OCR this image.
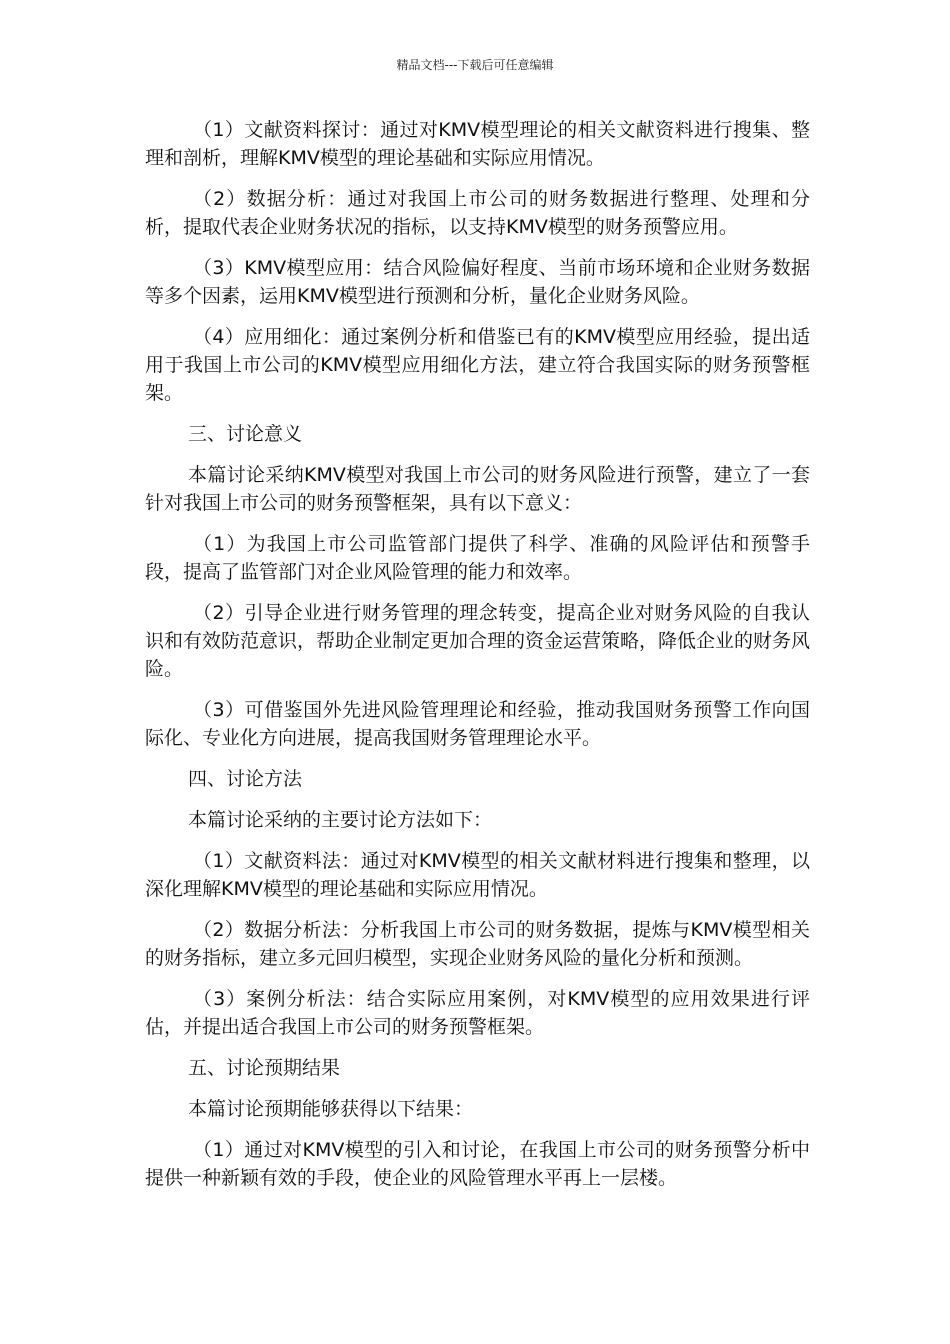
精品文档---下载后可任意编辑

（1）文献资料探讨：通过对KMV模型理论的相关文献资料进行搜集、整理和剖析，理解KMV模型的理论基础和实际应用情况。

（2）数据分析：通过对我国上市公司的财务数据进行整理、处理和分析，提取代表企业财务状况的指标，以支持KMV模型的财务预警应用。

（3）KMV模型应用：结合风险偏好程度、当前市场环境和企业财务数据等多个因素，运用KMV模型进行预测和分析，量化企业财务风险。

（4）应用细化：通过案例分析和借鉴已有的KMV模型应用经验，提出适用于我国上市公司的KMV模型应用细化方法，建立符合我国实际的财务预警框架。

三、讨论意义

本篇讨论采纳KMV模型对我国上市公司的财务风险进行预警，建立了一套针对我国上市公司的财务预警框架，具有以下意义：

（1）为我国上市公司监管部门提供了科学、准确的风险评估和预警手段，提高了监管部门对企业风险管理的能力和效率。

（2）引导企业进行财务管理的理念转变，提高企业对财务风险的自我认识和有效防范意识，帮助企业制定更加合理的资金运营策略，降低企业的财务风险。

（3）可借鉴国外先进风险管理理论和经验，推动我国财务预警工作向国际化、专业化方向进展，提高我国财务管理理论水平。

四、讨论方法

本篇讨论采纳的主要讨论方法如下：

（1）文献资料法：通过对KMV模型的相关文献材料进行搜集和整理，以深化理解KMV模型的理论基础和实际应用情况。

（2）数据分析法：分析我国上市公司的财务数据，提炼与KMV模型相关的财务指标，建立多元回归模型，实现企业财务风险的量化分析和预测。

（3）案例分析法：结合实际应用案例，对KMV模型的应用效果进行评估，并提出适合我国上市公司的财务预警框架。

五、讨论预期结果

本篇讨论预期能够获得以下结果：

（1）通过对KMV模型的引入和讨论，在我国上市公司的财务预警分析中提供一种新颖有效的手段，使企业的风险管理水平再上一层楼。
